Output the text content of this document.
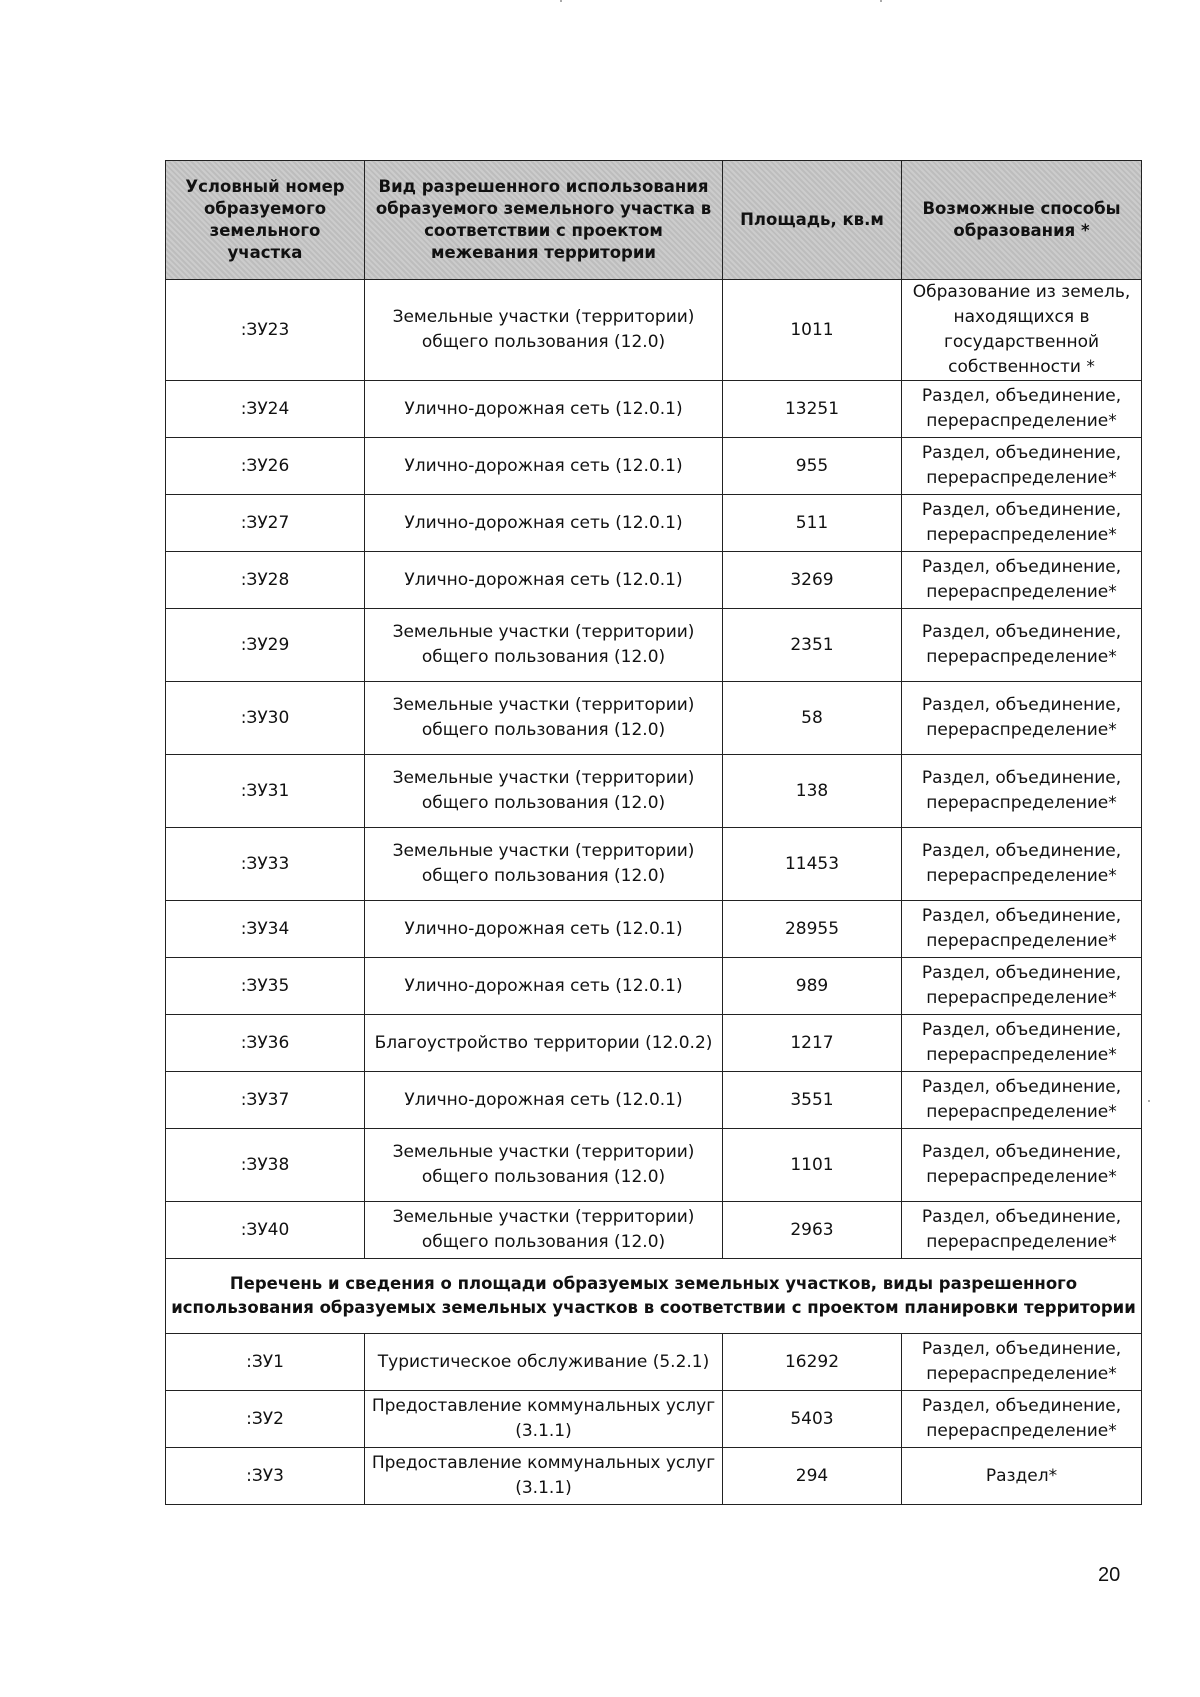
Условный номер образуемого земельного участка	Вид разрешенного использования образуемого земельного участка в соответствии с проектом межевания территории	Площадь, кв.м	Возможные способы образования *
:ЗУ23	Земельные участки (территории) общего пользования (12.0)	1011	Образование из земель, находящихся в государственной собственности *
:ЗУ24	Улично-дорожная сеть (12.0.1)	13251	Раздел, объединение, перераспределение*
:ЗУ26	Улично-дорожная сеть (12.0.1)	955	Раздел, объединение, перераспределение*
:ЗУ27	Улично-дорожная сеть (12.0.1)	511	Раздел, объединение, перераспределение*
:ЗУ28	Улично-дорожная сеть (12.0.1)	3269	Раздел, объединение, перераспределение*
:ЗУ29	Земельные участки (территории) общего пользования (12.0)	2351	Раздел, объединение, перераспределение*
:ЗУ30	Земельные участки (территории) общего пользования (12.0)	58	Раздел, объединение, перераспределение*
:ЗУ31	Земельные участки (территории) общего пользования (12.0)	138	Раздел, объединение, перераспределение*
:ЗУ33	Земельные участки (территории) общего пользования (12.0)	11453	Раздел, объединение, перераспределение*
:ЗУ34	Улично-дорожная сеть (12.0.1)	28955	Раздел, объединение, перераспределение*
:ЗУ35	Улично-дорожная сеть (12.0.1)	989	Раздел, объединение, перераспределение*
:ЗУ36	Благоустройство территории (12.0.2)	1217	Раздел, объединение, перераспределение*
:ЗУ37	Улично-дорожная сеть (12.0.1)	3551	Раздел, объединение, перераспределение*
:ЗУ38	Земельные участки (территории) общего пользования (12.0)	1101	Раздел, объединение, перераспределение*
:ЗУ40	Земельные участки (территории) общего пользования (12.0)	2963	Раздел, объединение, перераспределение*
Перечень и сведения о площади образуемых земельных участков, виды разрешенного использования образуемых земельных участков в соответствии с проектом планировки территории			
:ЗУ1	Туристическое обслуживание (5.2.1)	16292	Раздел, объединение, перераспределение*
:ЗУ2	Предоставление коммунальных услуг (3.1.1)	5403	Раздел, объединение, перераспределение*
:ЗУ3	Предоставление коммунальных услуг (3.1.1)	294	Раздел*
20
